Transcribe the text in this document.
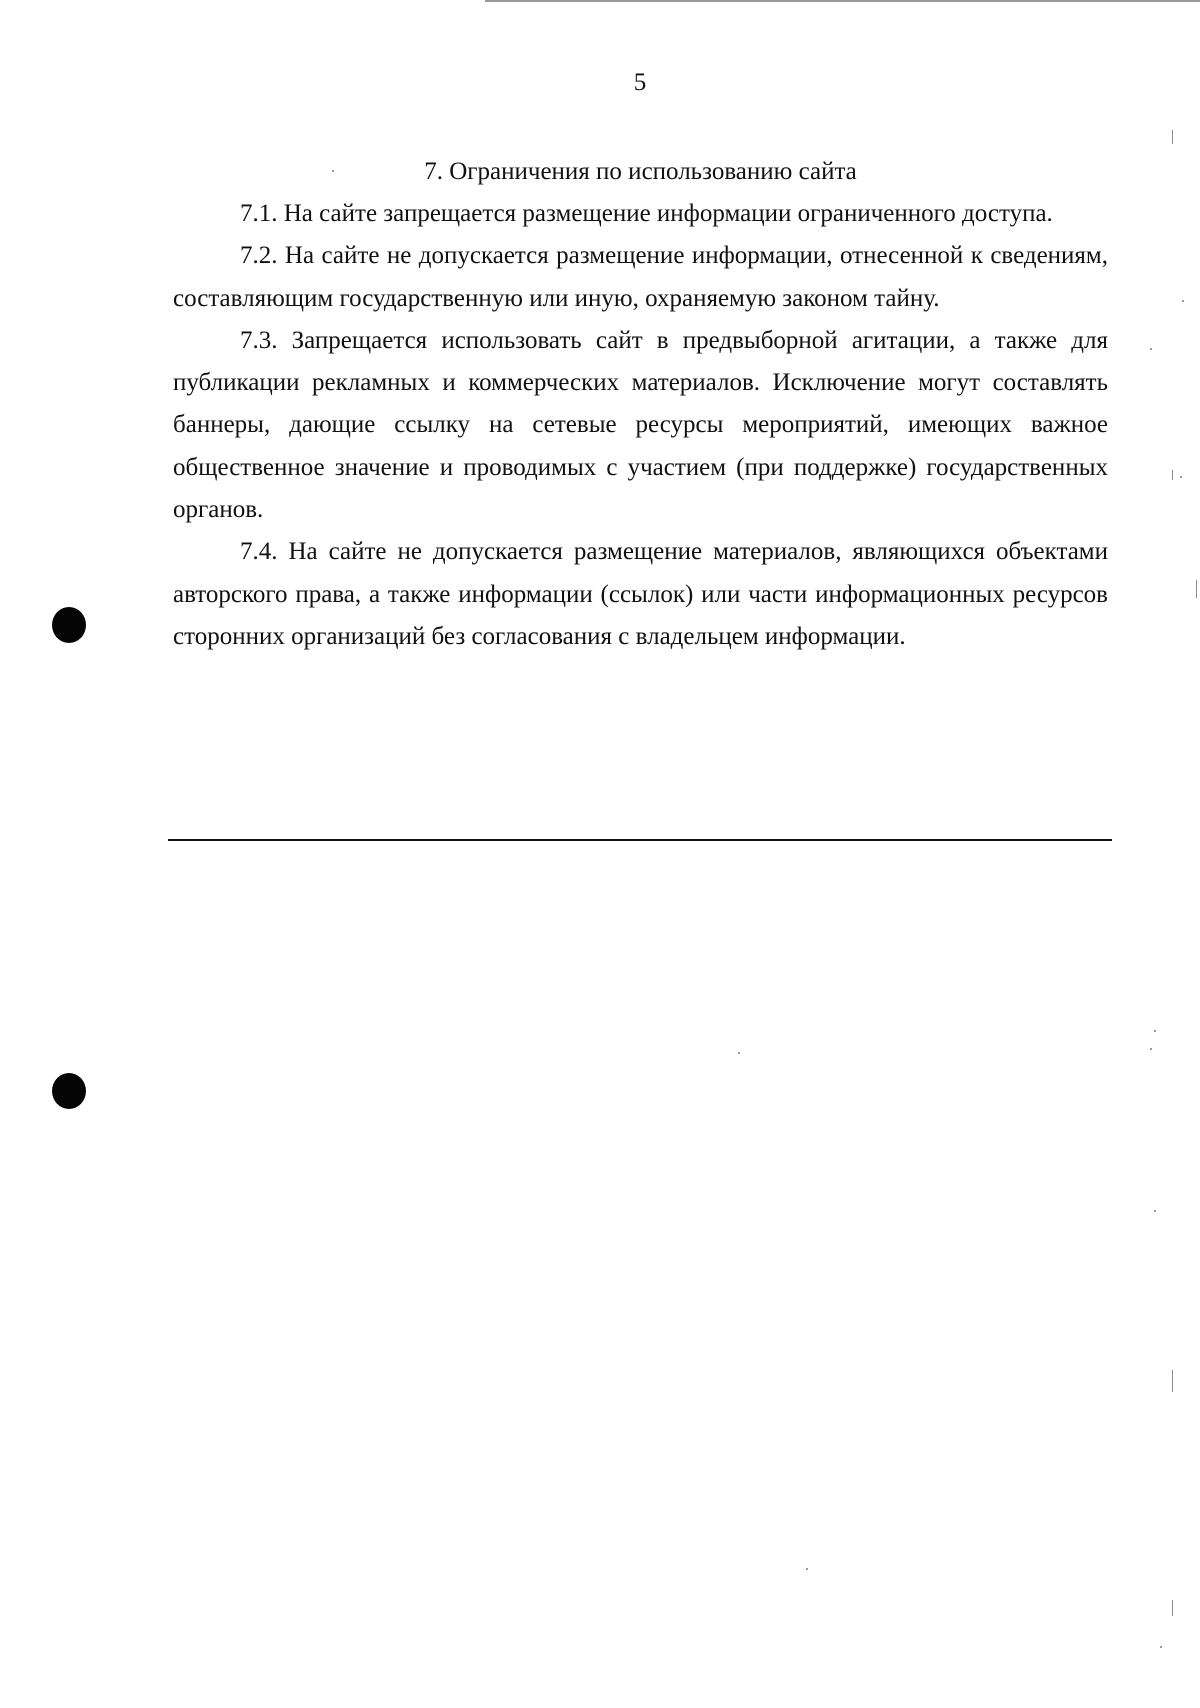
5
7. Ограничения по использованию сайта

7.1. На сайте запрещается размещение информации ограниченного доступа.

7.2. На сайте не допускается размещение информации, отнесенной к сведениям, составляющим государственную или иную, охраняемую законом тайну.

7.3. Запрещается использовать сайт в предвыборной агитации, а также для публикации рекламных и коммерческих материалов. Исключение могут составлять баннеры, дающие ссылку на сетевые ресурсы мероприятий, имеющих важное общественное значение и проводимых с участием (при поддержке) государственных органов.

7.4. На сайте не допускается размещение материалов, являющихся объектами авторского права, а также информации (ссылок) или части информационных ресурсов сторонних организаций без согласования с владельцем информации.
